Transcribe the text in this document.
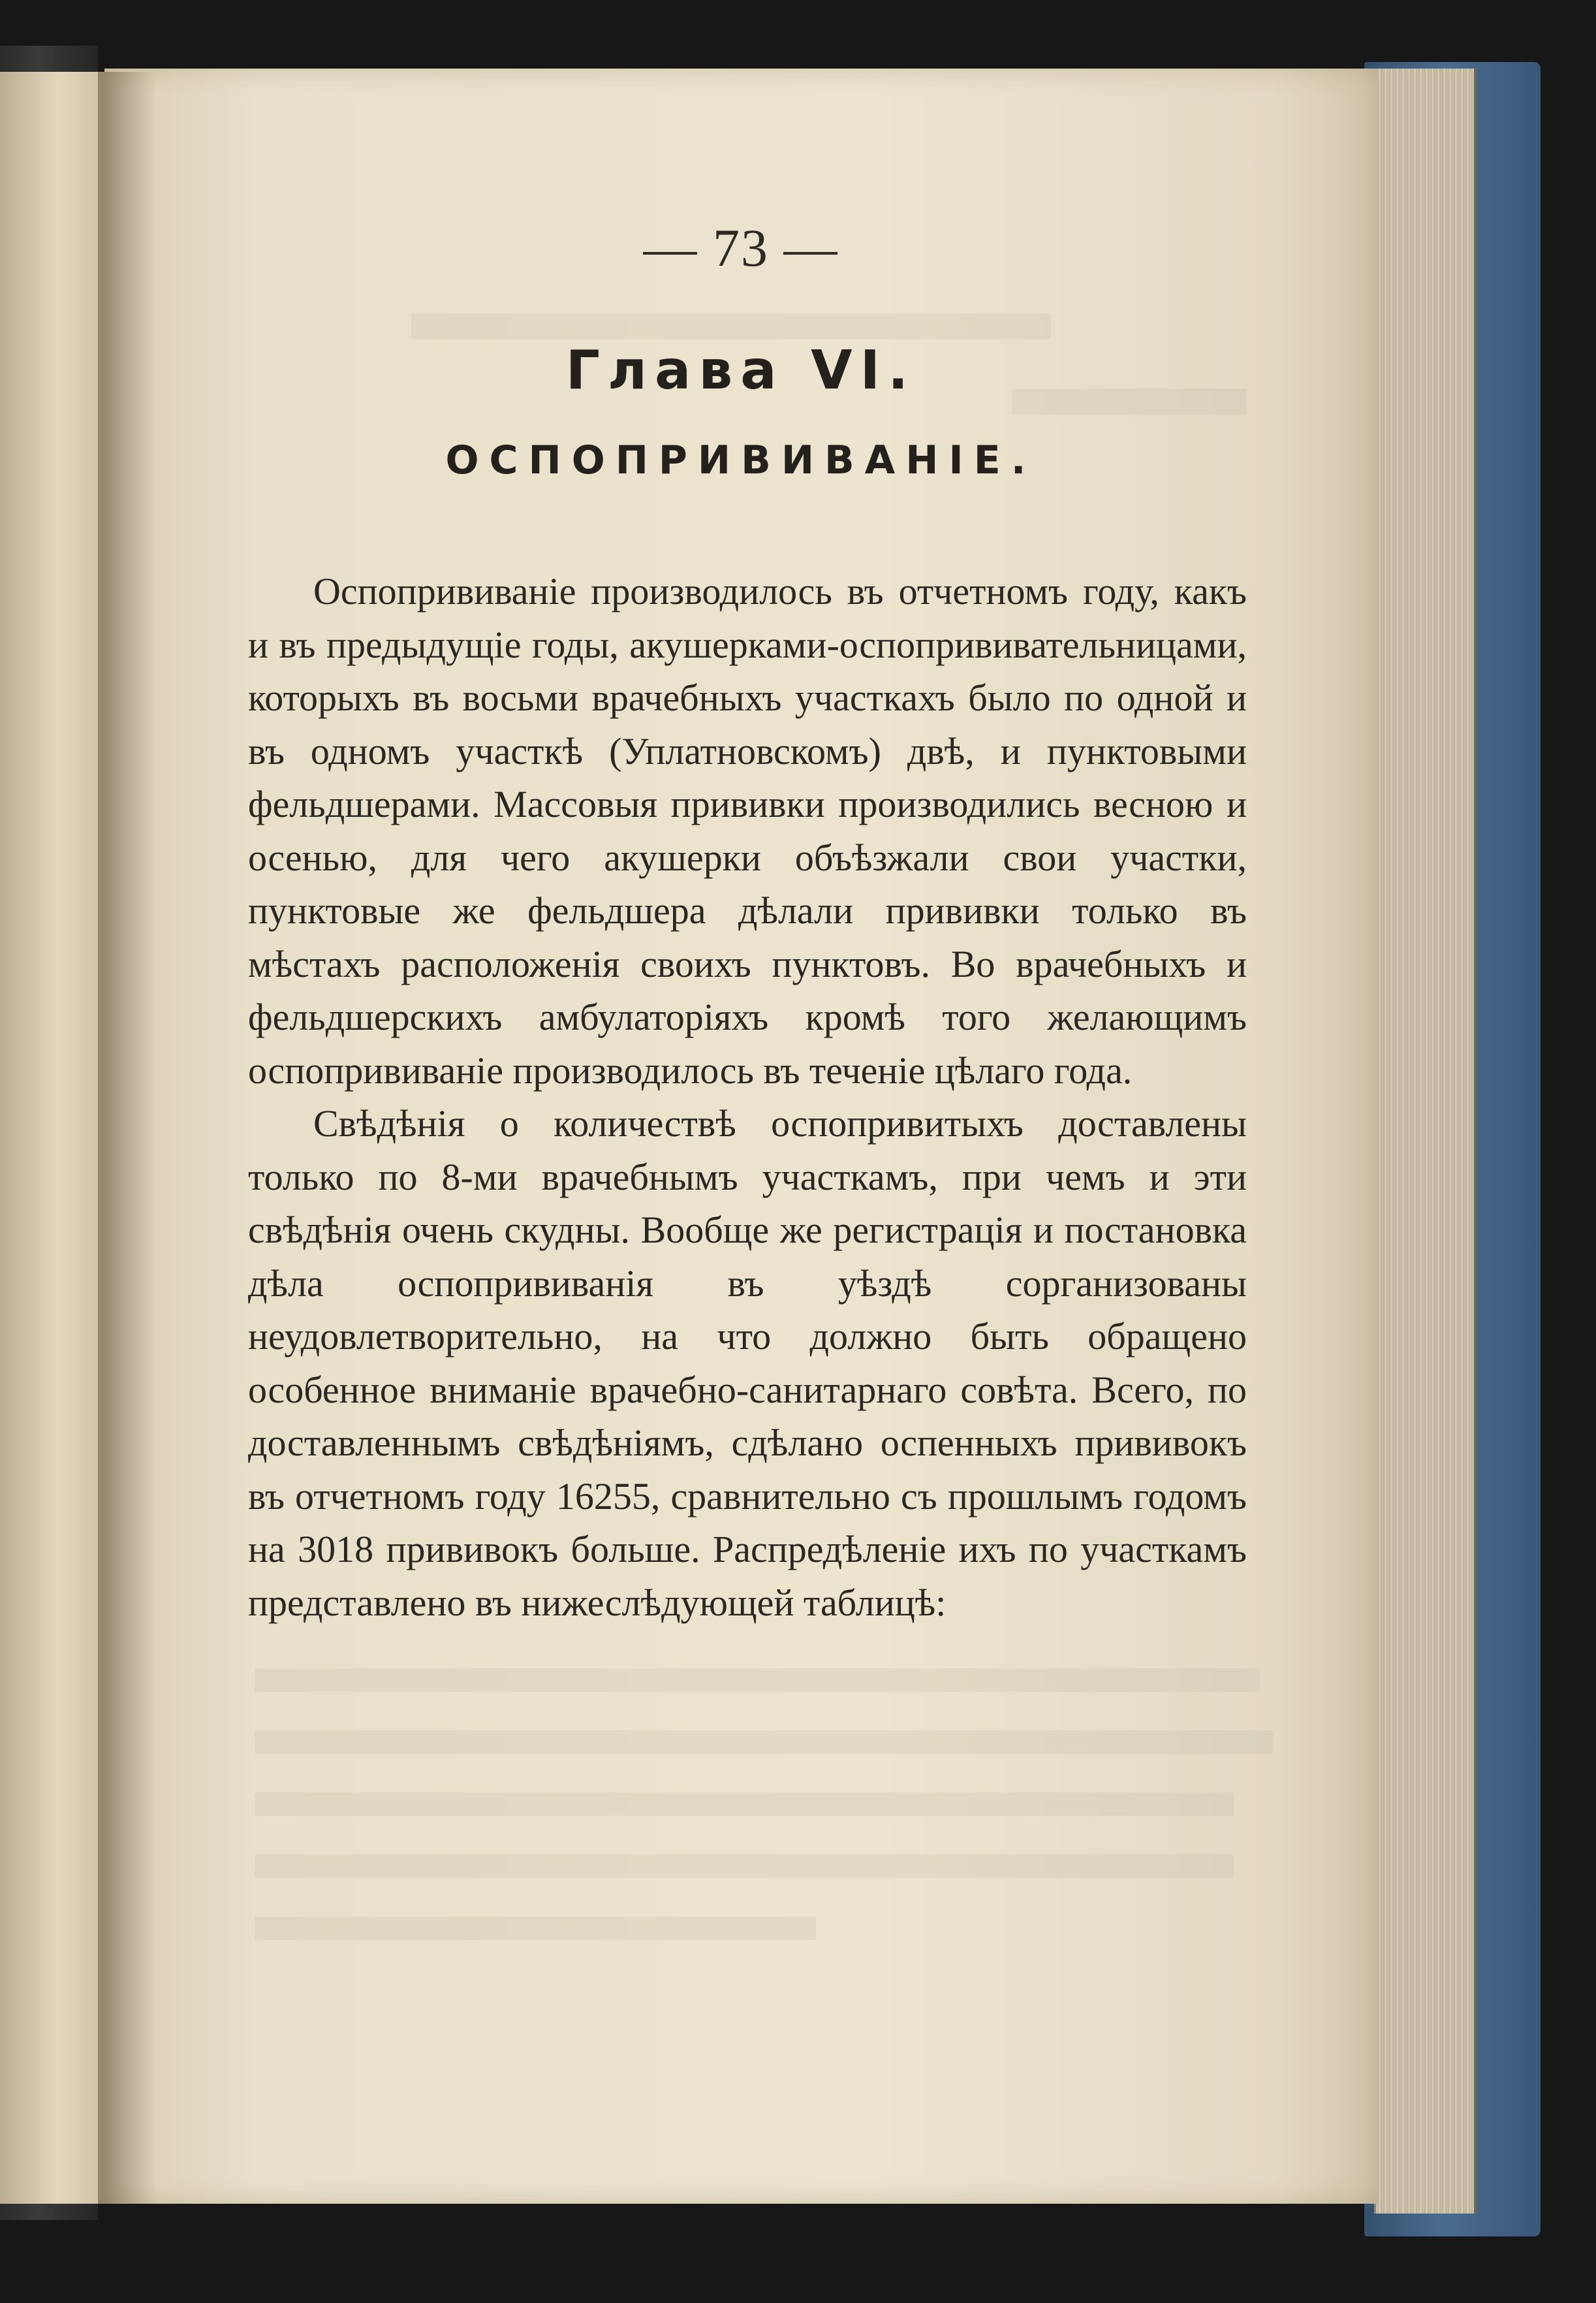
— 73 —
Глава VI.
ОСПОПРИВИВАНIЕ.

Оспопрививанiе производилось въ отчетномъ году, какъ и въ предыдущiе годы, акушерками-оспопрививательницами, которыхъ въ восьми врачебныхъ участкахъ было по одной и въ одномъ участкѣ (Уплатновскомъ) двѣ, и пунктовыми фельдшерами. Массовыя прививки производились весною и осенью, для чего акушерки объѣзжали свои участки, пунктовые же фельдшера дѣлали прививки только въ мѣстахъ расположенiя своихъ пунктовъ. Во врачебныхъ и фельдшерскихъ амбулаторiяхъ кромѣ того желающимъ оспопрививанiе производилось въ теченiе цѣлаго года.

Свѣдѣнiя о количествѣ оспопривитыхъ доставлены только по 8-ми врачебнымъ участкамъ, при чемъ и эти свѣдѣнiя очень скудны. Вообще же регистрацiя и постановка дѣла оспопрививанiя въ уѣздѣ сорганизованы неудовлетворительно, на что должно быть обращено особенное вниманiе врачебно-санитарнаго совѣта. Всего, по доставленнымъ свѣдѣнiямъ, сдѣлано оспенныхъ прививокъ въ отчетномъ году 16255, сравнительно съ прошлымъ годомъ на 3018 прививокъ больше. Распредѣленiе ихъ по участкамъ представлено въ нижеслѣдующей таблицѣ:
